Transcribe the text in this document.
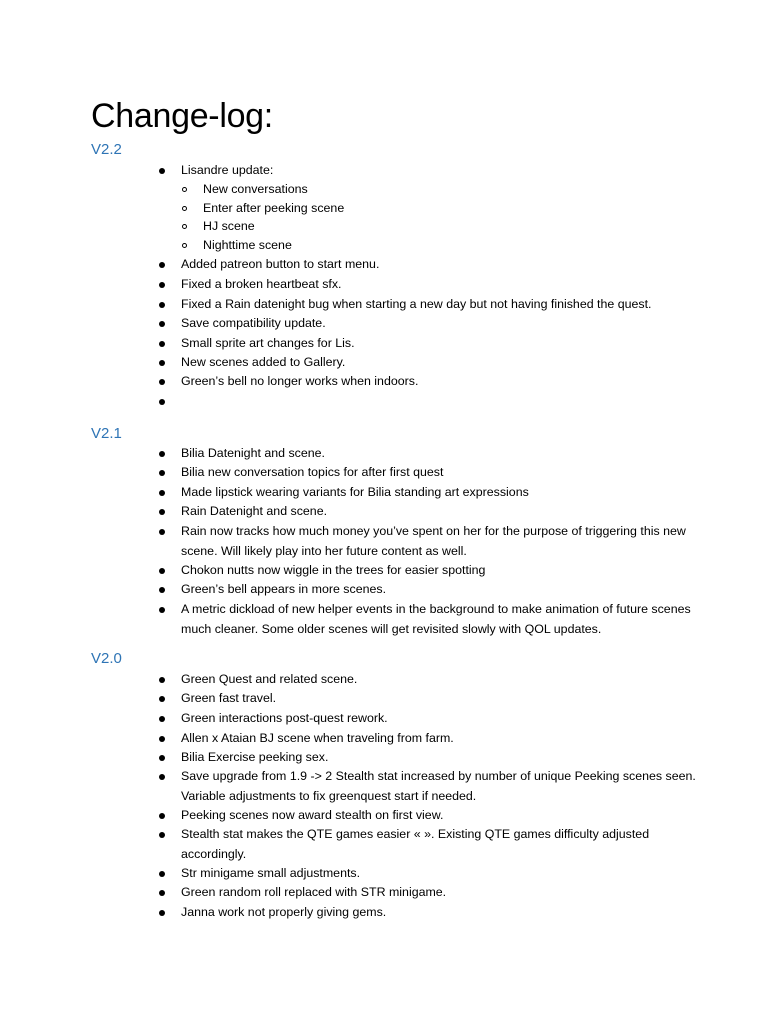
Change-log:
V2.2
Lisandre update:
New conversations
Enter after peeking scene
HJ scene
Nighttime scene
Added patreon button to start menu.
Fixed a broken heartbeat sfx.
Fixed a Rain datenight bug when starting a new day but not having finished the quest.
Save compatibility update.
Small sprite art changes for Lis.
New scenes added to Gallery.
Green’s bell no longer works when indoors.
V2.1
Bilia Datenight and scene.
Bilia new conversation topics for after first quest
Made lipstick wearing variants for Bilia standing art expressions
Rain Datenight and scene.
Rain now tracks how much money you’ve spent on her for the purpose of triggering this new scene. Will likely play into her future content as well.
Chokon nutts now wiggle in the trees for easier spotting
Green’s bell appears in more scenes.
A metric dickload of new helper events in the background to make animation of future scenes much cleaner. Some older scenes will get revisited slowly with QOL updates.
V2.0
Green Quest and related scene.
Green fast travel.
Green interactions post-quest rework.
Allen x Ataian BJ scene when traveling from farm.
Bilia Exercise peeking sex.
Save upgrade from 1.9 -> 2 Stealth stat increased by number of unique Peeking scenes seen. Variable adjustments to fix greenquest start if needed.
Peeking scenes now award stealth on first view.
Stealth stat makes the QTE games easier « ». Existing QTE games difficulty adjusted accordingly.
Str minigame small adjustments.
Green random roll replaced with STR minigame.
Janna work not properly giving gems.
